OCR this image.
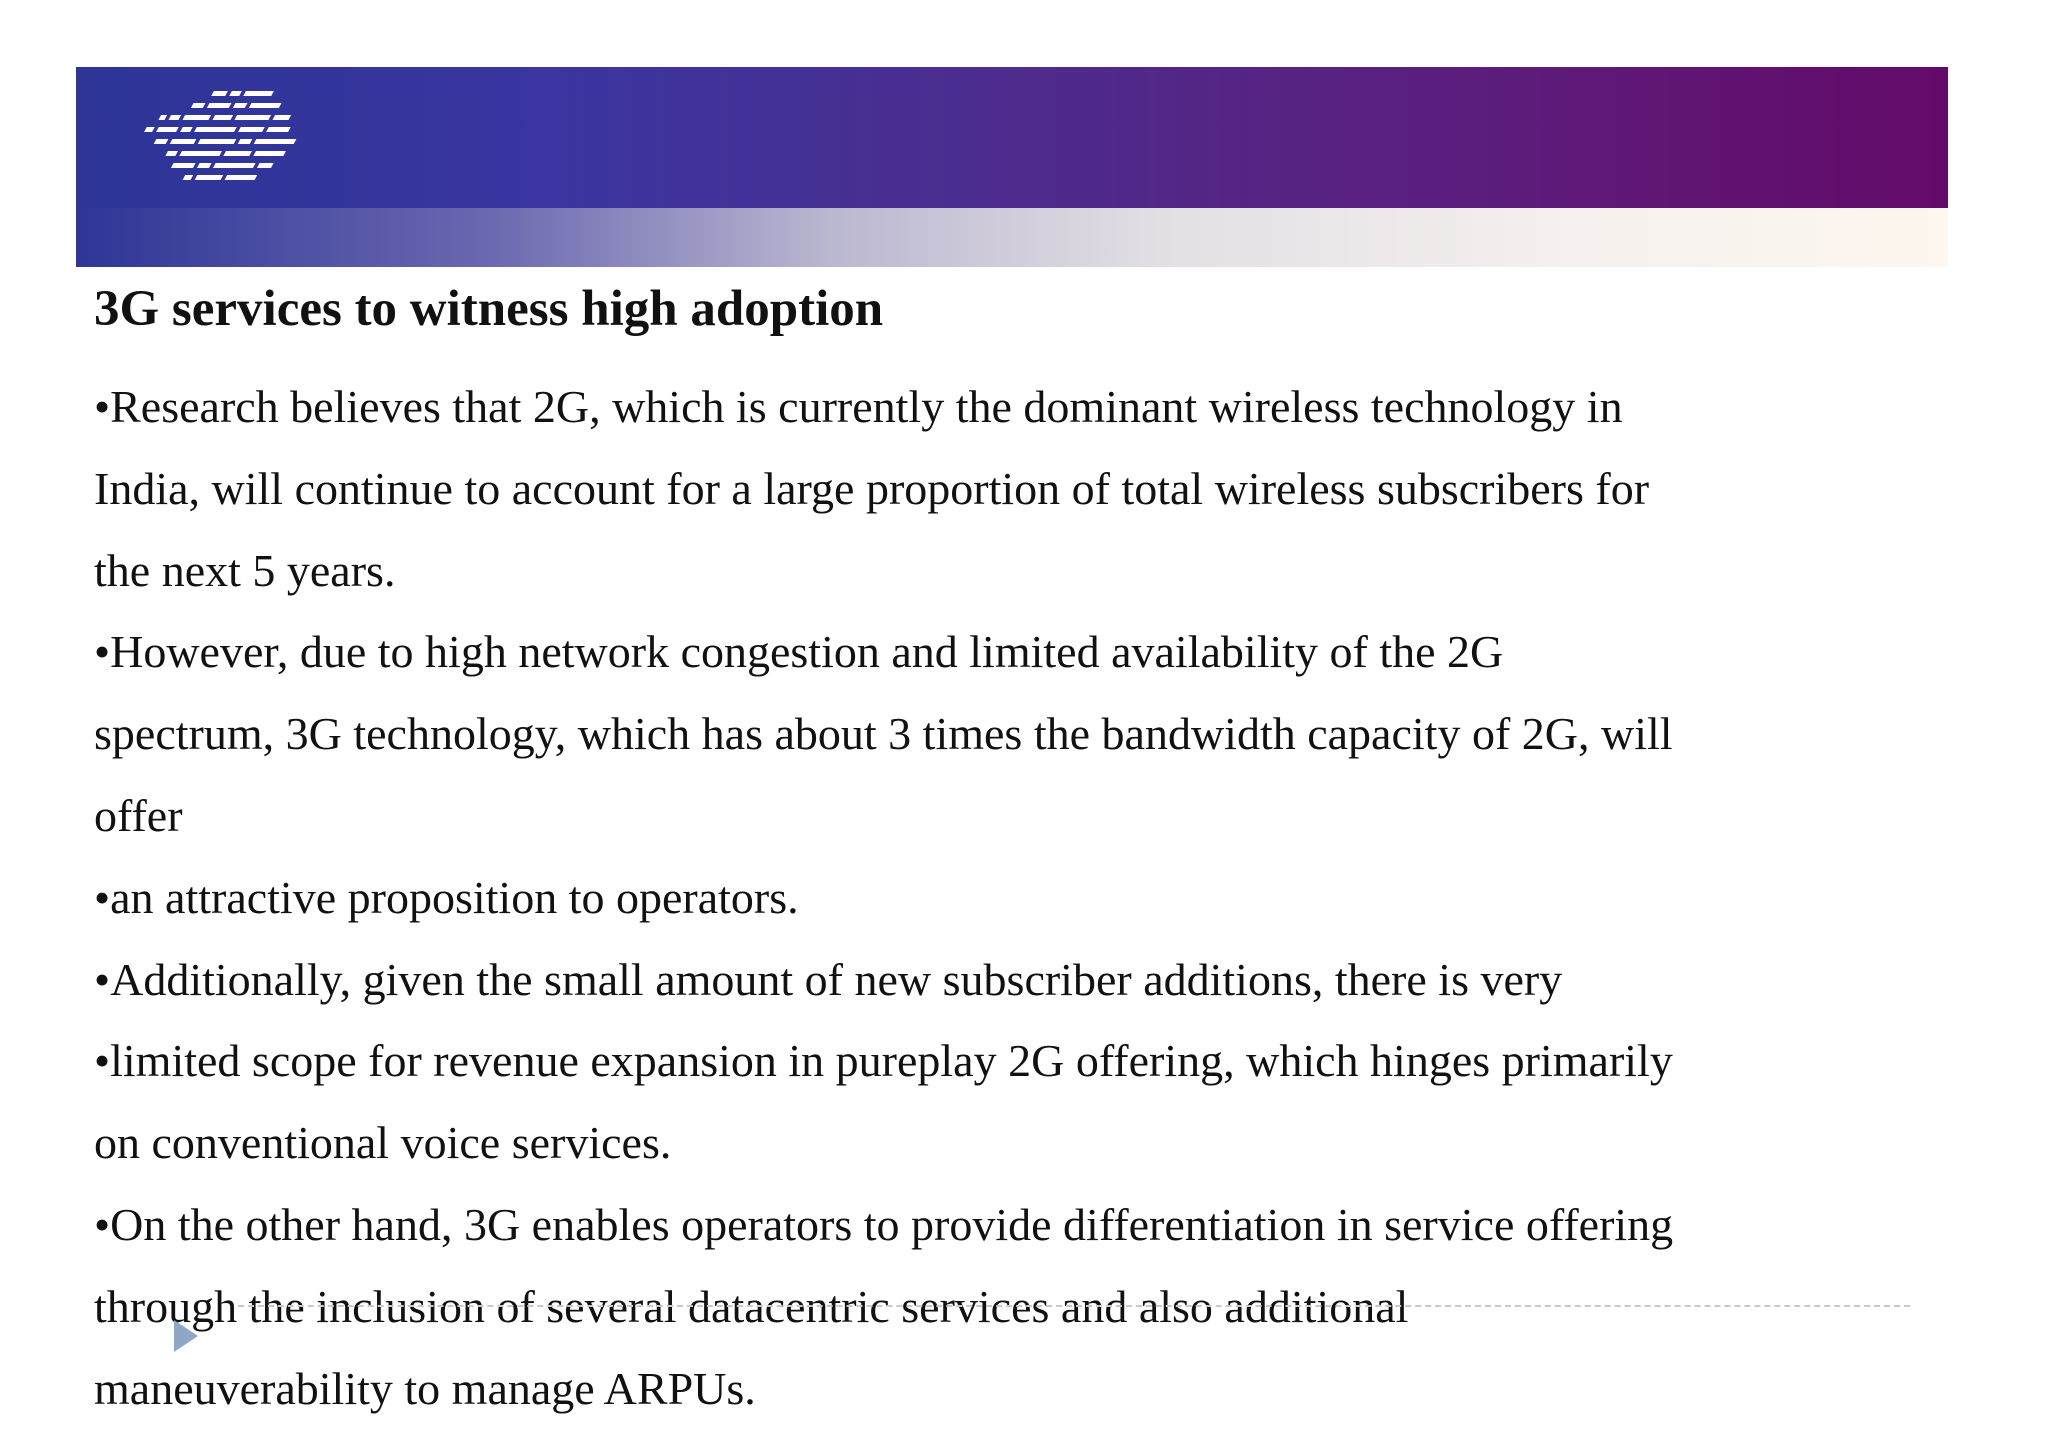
3G services to witness high adoption
•Research believes that 2G, which is currently the dominant wireless technology in
India, will continue to account for a large proportion of total wireless subscribers for
the next 5 years.
•However, due to high network congestion and limited availability of the 2G
spectrum, 3G technology, which has about 3 times the bandwidth capacity of 2G, will
offer
•an attractive proposition to operators.
•Additionally, given the small amount of new subscriber additions, there is very
•limited scope for revenue expansion in pureplay 2G offering, which hinges primarily
on conventional voice services.
•On the other hand, 3G enables operators to provide differentiation in service offering
through the inclusion of several datacentric services and also additional
maneuverability to manage ARPUs.
